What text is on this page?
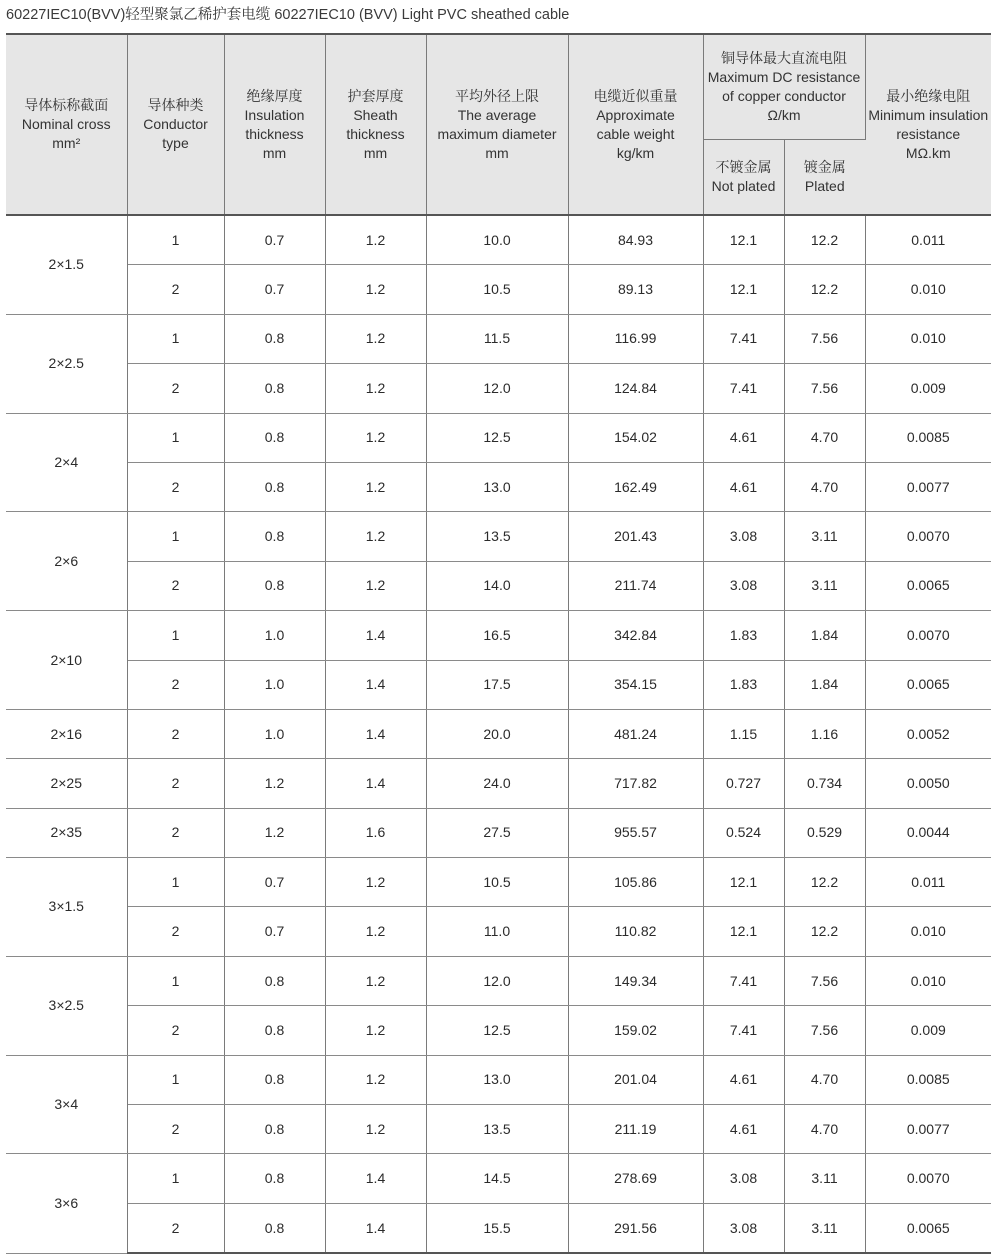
60227IEC10(BVV)轻型聚氯乙稀护套电缆 60227IEC10 (BVV) Light PVC sheathed cable
导体标称截面
Nominal cross
mm²	导体种类
Conductor
type	绝缘厚度
Insulation
thickness
mm	护套厚度
Sheath
thickness
mm	平均外径上限
The average
maximum diameter
mm	电缆近似重量
Approximate
cable weight
kg/km	铜导体最大直流电阻
Maximum DC resistance
of copper conductor
Ω/km		最小绝缘电阻
Minimum insulation
resistance
MΩ.km

						不镀金属
Not plated	镀金属
Plated	

2×1.5	1	0.7	1.2	10.0	84.93	12.1	12.2	0.011
	2	0.7	1.2	10.5	89.13	12.1	12.2	0.010
2×2.5	1	0.8	1.2	11.5	116.99	7.41	7.56	0.010
	2	0.8	1.2	12.0	124.84	7.41	7.56	0.009
2×4	1	0.8	1.2	12.5	154.02	4.61	4.70	0.0085
	2	0.8	1.2	13.0	162.49	4.61	4.70	0.0077
2×6	1	0.8	1.2	13.5	201.43	3.08	3.11	0.0070
	2	0.8	1.2	14.0	211.74	3.08	3.11	0.0065
2×10	1	1.0	1.4	16.5	342.84	1.83	1.84	0.0070
	2	1.0	1.4	17.5	354.15	1.83	1.84	0.0065
2×16	2	1.0	1.4	20.0	481.24	1.15	1.16	0.0052
2×25	2	1.2	1.4	24.0	717.82	0.727	0.734	0.0050
2×35	2	1.2	1.6	27.5	955.57	0.524	0.529	0.0044
3×1.5	1	0.7	1.2	10.5	105.86	12.1	12.2	0.011
	2	0.7	1.2	11.0	110.82	12.1	12.2	0.010
3×2.5	1	0.8	1.2	12.0	149.34	7.41	7.56	0.010
	2	0.8	1.2	12.5	159.02	7.41	7.56	0.009
3×4	1	0.8	1.2	13.0	201.04	4.61	4.70	0.0085
	2	0.8	1.2	13.5	211.19	4.61	4.70	0.0077
3×6	1	0.8	1.4	14.5	278.69	3.08	3.11	0.0070
	2	0.8	1.4	15.5	291.56	3.08	3.11	0.0065
